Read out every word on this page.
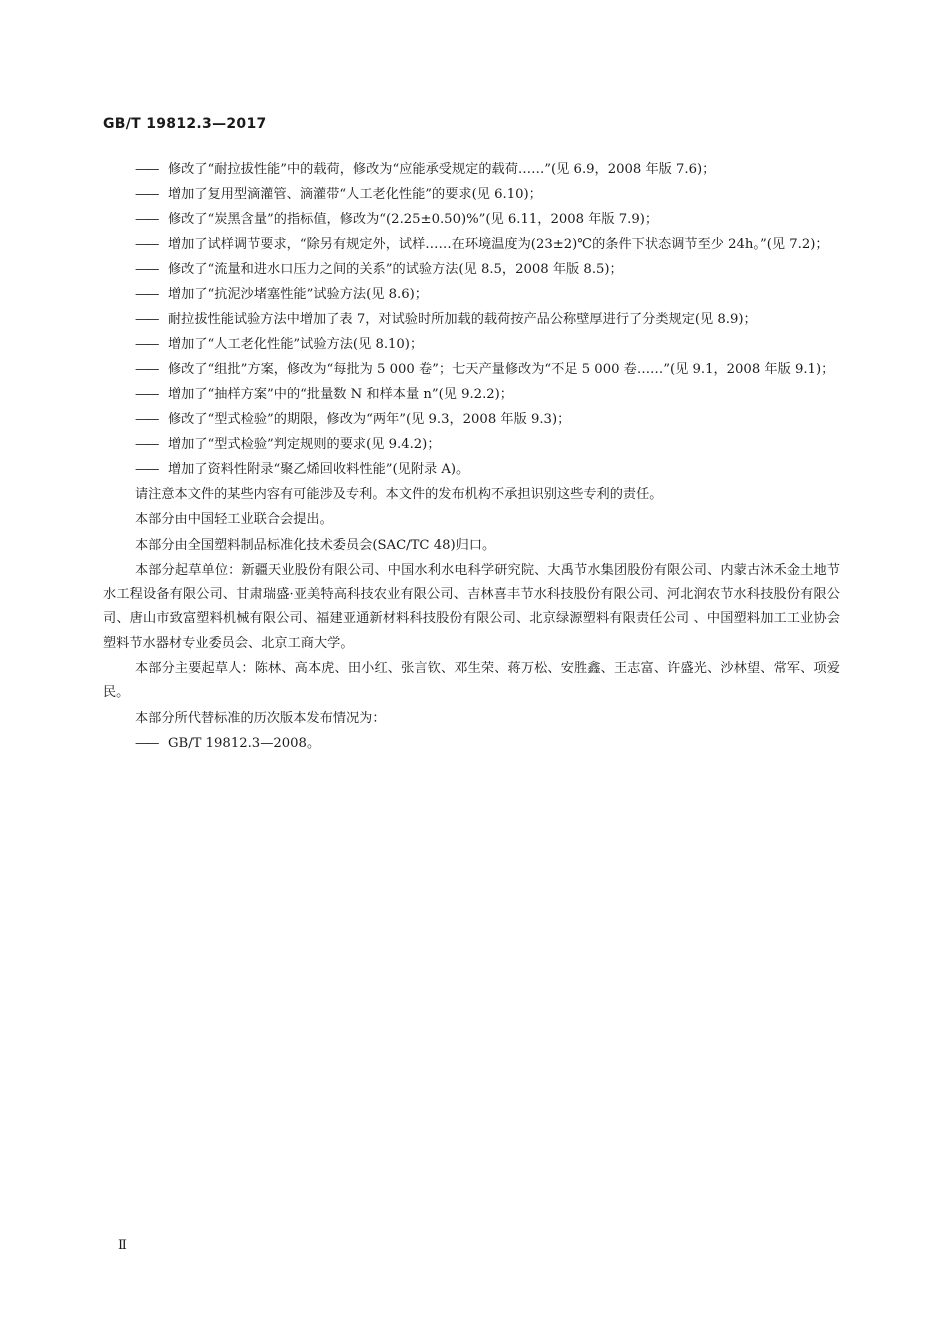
GB/T 19812.3—2017
—— 修改了“耐拉拔性能”中的载荷，修改为“应能承受规定的载荷……”(见 6.9，2008 年版 7.6)；
—— 增加了复用型滴灌管、滴灌带“人工老化性能”的要求(见 6.10)；
—— 修改了“炭黑含量”的指标值，修改为“(2.25±0.50)%”(见 6.11，2008 年版 7.9)；
—— 增加了试样调节要求，“除另有规定外，试样……在环境温度为(23±2)℃的条件下状态调节至少 24h。”(见 7.2)；
—— 修改了“流量和进水口压力之间的关系”的试验方法(见 8.5，2008 年版 8.5)；
—— 增加了“抗泥沙堵塞性能”试验方法(见 8.6)；
—— 耐拉拔性能试验方法中增加了表 7，对试验时所加载的载荷按产品公称壁厚进行了分类规定(见 8.9)；
—— 增加了“人工老化性能”试验方法(见 8.10)；
—— 修改了“组批”方案，修改为“每批为 5 000 卷”；七天产量修改为“不足 5 000 卷……”(见 9.1，2008 年版 9.1)；
—— 增加了“抽样方案”中的“批量数 N 和样本量 n”(见 9.2.2)；
—— 修改了“型式检验”的期限，修改为“两年”(见 9.3，2008 年版 9.3)；
—— 增加了“型式检验”判定规则的要求(见 9.4.2)；
—— 增加了资料性附录“聚乙烯回收料性能”(见附录 A)。
请注意本文件的某些内容有可能涉及专利。本文件的发布机构不承担识别这些专利的责任。
本部分由中国轻工业联合会提出。
本部分由全国塑料制品标准化技术委员会(SAC/TC 48)归口。
本部分起草单位：新疆天业股份有限公司、中国水利水电科学研究院、大禹节水集团股份有限公司、内蒙古沐禾金土地节水工程设备有限公司、甘肃瑞盛·亚美特高科技农业有限公司、吉林喜丰节水科技股份有限公司、河北润农节水科技股份有限公司、唐山市致富塑料机械有限公司、福建亚通新材料科技股份有限公司、北京绿源塑料有限责任公司 、中国塑料加工工业协会塑料节水器材专业委员会、北京工商大学。
本部分主要起草人：陈林、高本虎、田小红、张言钦、邓生荣、蒋万松、安胜鑫、王志富、许盛光、沙林望、常军、项爱民。
本部分所代替标准的历次版本发布情况为：
—— GB/T 19812.3—2008。
Ⅱ
